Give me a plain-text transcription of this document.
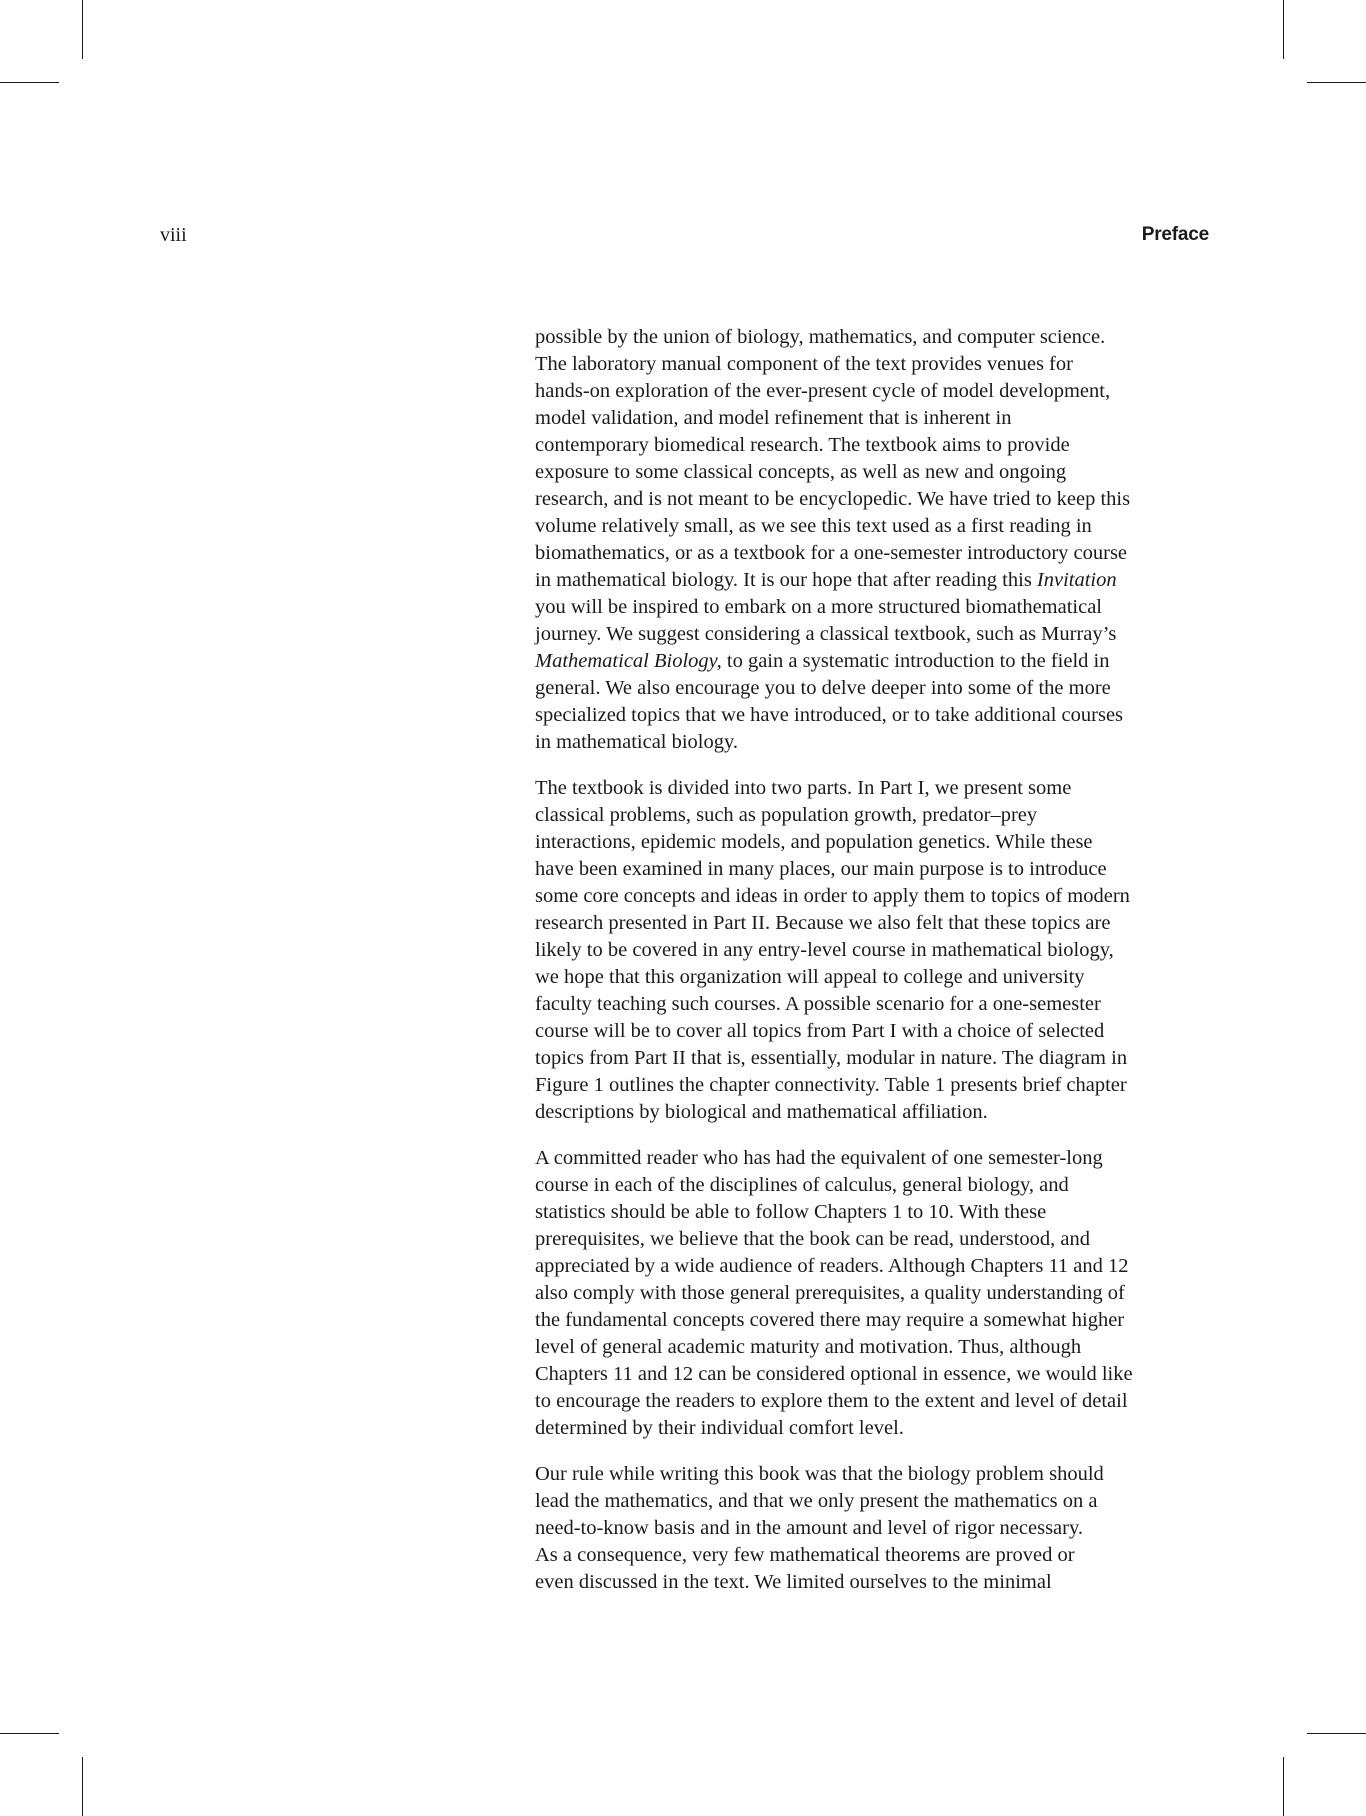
viii	Preface
possible by the union of biology, mathematics, and computer science.
The laboratory manual component of the text provides venues for
hands-on exploration of the ever-present cycle of model development,
model validation, and model refinement that is inherent in
contemporary biomedical research. The textbook aims to provide
exposure to some classical concepts, as well as new and ongoing
research, and is not meant to be encyclopedic. We have tried to keep this
volume relatively small, as we see this text used as a first reading in
biomathematics, or as a textbook for a one-semester introductory course
in mathematical biology. It is our hope that after reading this Invitation
you will be inspired to embark on a more structured biomathematical
journey. We suggest considering a classical textbook, such as Murray’s
Mathematical Biology, to gain a systematic introduction to the field in
general. We also encourage you to delve deeper into some of the more
specialized topics that we have introduced, or to take additional courses
in mathematical biology.
The textbook is divided into two parts. In Part I, we present some
classical problems, such as population growth, predator–prey
interactions, epidemic models, and population genetics. While these
have been examined in many places, our main purpose is to introduce
some core concepts and ideas in order to apply them to topics of modern
research presented in Part II. Because we also felt that these topics are
likely to be covered in any entry-level course in mathematical biology,
we hope that this organization will appeal to college and university
faculty teaching such courses. A possible scenario for a one-semester
course will be to cover all topics from Part I with a choice of selected
topics from Part II that is, essentially, modular in nature. The diagram in
Figure 1 outlines the chapter connectivity. Table 1 presents brief chapter
descriptions by biological and mathematical affiliation.
A committed reader who has had the equivalent of one semester-long
course in each of the disciplines of calculus, general biology, and
statistics should be able to follow Chapters 1 to 10. With these
prerequisites, we believe that the book can be read, understood, and
appreciated by a wide audience of readers. Although Chapters 11 and 12
also comply with those general prerequisites, a quality understanding of
the fundamental concepts covered there may require a somewhat higher
level of general academic maturity and motivation. Thus, although
Chapters 11 and 12 can be considered optional in essence, we would like
to encourage the readers to explore them to the extent and level of detail
determined by their individual comfort level.
Our rule while writing this book was that the biology problem should
lead the mathematics, and that we only present the mathematics on a
need-to-know basis and in the amount and level of rigor necessary.
As a consequence, very few mathematical theorems are proved or
even discussed in the text. We limited ourselves to the minimal
